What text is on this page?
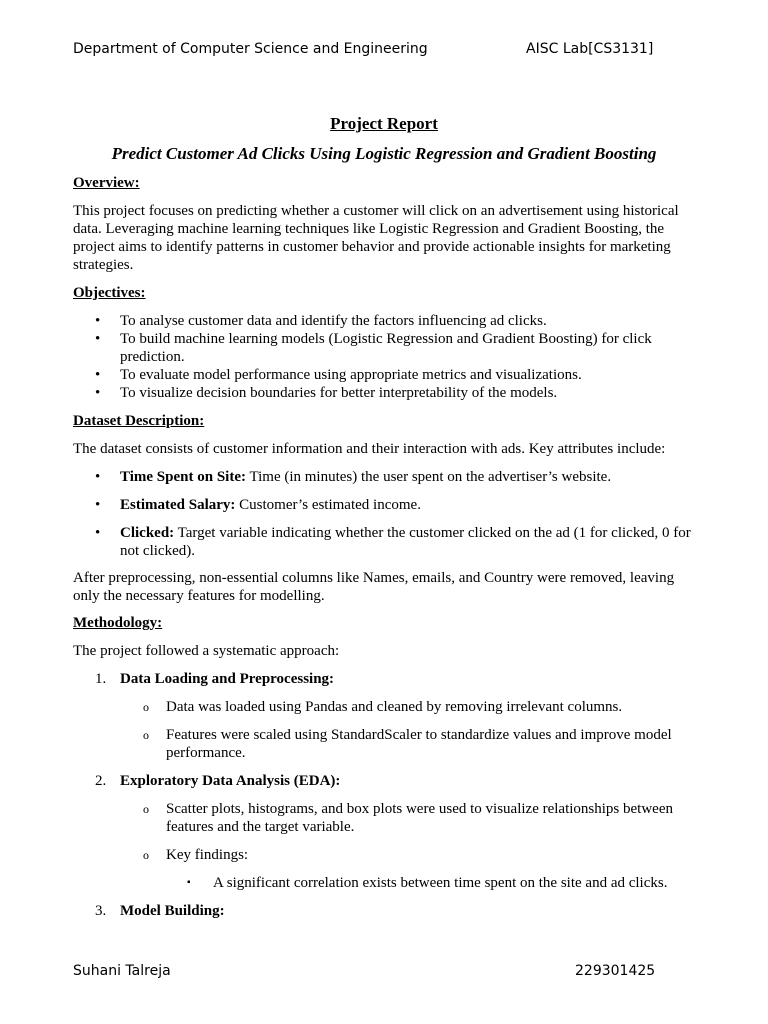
Department of Computer Science and Engineering	AISC Lab[CS3131]

Project Report

Predict Customer Ad Clicks Using Logistic Regression and Gradient Boosting

Overview:

This project focuses on predicting whether a customer will click on an advertisement using historical data. Leveraging machine learning techniques like Logistic Regression and Gradient Boosting, the project aims to identify patterns in customer behavior and provide actionable insights for marketing strategies.

Objectives:

• To analyse customer data and identify the factors influencing ad clicks.
• To build machine learning models (Logistic Regression and Gradient Boosting) for click prediction.
• To evaluate model performance using appropriate metrics and visualizations.
• To visualize decision boundaries for better interpretability of the models.

Dataset Description:

The dataset consists of customer information and their interaction with ads. Key attributes include:

• Time Spent on Site: Time (in minutes) the user spent on the advertiser’s website.
• Estimated Salary: Customer’s estimated income.
• Clicked: Target variable indicating whether the customer clicked on the ad (1 for clicked, 0 for not clicked).

After preprocessing, non-essential columns like Names, emails, and Country were removed, leaving only the necessary features for modelling.

Methodology:

The project followed a systematic approach:

1. Data Loading and Preprocessing:
o Data was loaded using Pandas and cleaned by removing irrelevant columns.
o Features were scaled using StandardScaler to standardize values and improve model performance.
2. Exploratory Data Analysis (EDA):
o Scatter plots, histograms, and box plots were used to visualize relationships between features and the target variable.
o Key findings:
▪ A significant correlation exists between time spent on the site and ad clicks.
3. Model Building:
Suhani Talreja	229301425
